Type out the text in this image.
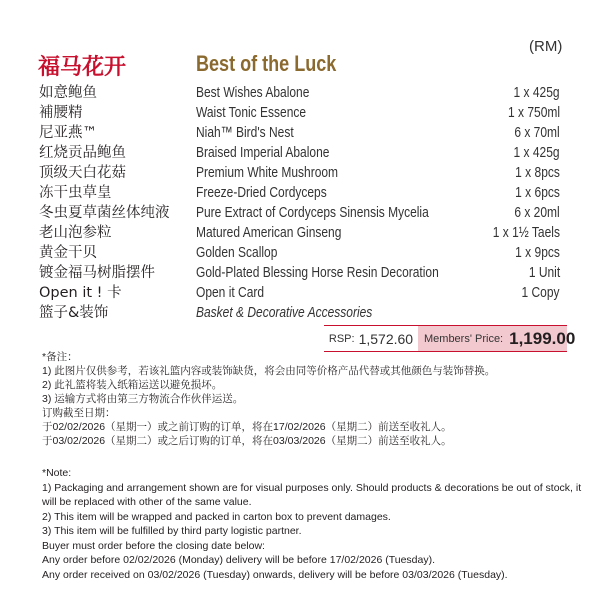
(RM)
福马花开	Best of the Luck
如意鲍鱼	Best Wishes Abalone	1 x 425g
補腰精	Waist Tonic Essence	1 x 750ml
尼亚燕™	Niah™ Bird's Nest	6 x 70ml
红烧贡品鲍鱼	Braised Imperial Abalone	1 x 425g
顶级天白花菇	Premium White Mushroom	1 x 8pcs
冻干虫草皇	Freeze-Dried Cordyceps	1 x 6pcs
冬虫夏草菌丝体纯液 Pure Extract of Cordyceps Sinensis Mycelia	6 x 20ml
老山泡参粒	Matured American Ginseng	1 x 1½ Taels
黄金干贝	Golden Scallop	1 x 9pcs
镀金福马树脂摆件	Gold-Plated Blessing Horse Resin Decoration	1 Unit
Open it ! 卡	Open it Card	1 Copy
篮子&装饰	Basket & Decorative Accessories
RSP: 1,572.60 Members' Price: 1,199.00
*备注：
1) 此图片仅供参考，若该礼篮内容或装饰缺货，将会由同等价格产品代替或其他颜色与装饰替换。
2) 此礼篮将装入纸箱运送以避免损坏。
3) 运输方式将由第三方物流合作伙伴运送。
订购截至日期：
于02/02/2026（星期一）或之前订购的订单，将在17/02/2026（星期二）前送至收礼人。
于03/02/2026（星期二）或之后订购的订单，将在03/03/2026（星期二）前送至收礼人。
*Note:
1) Packaging and arrangement shown are for visual purposes only. Should products & decorations be out of stock, it
will be replaced with other of the same value.
2) This item will be wrapped and packed in carton box to prevent damages.
3) This item will be fulfilled by third party logistic partner.
Buyer must order before the closing date below:
Any order before 02/02/2026 (Monday) delivery will be before 17/02/2026 (Tuesday).
Any order received on 03/02/2026 (Tuesday) onwards, delivery will be before 03/03/2026 (Tuesday).
